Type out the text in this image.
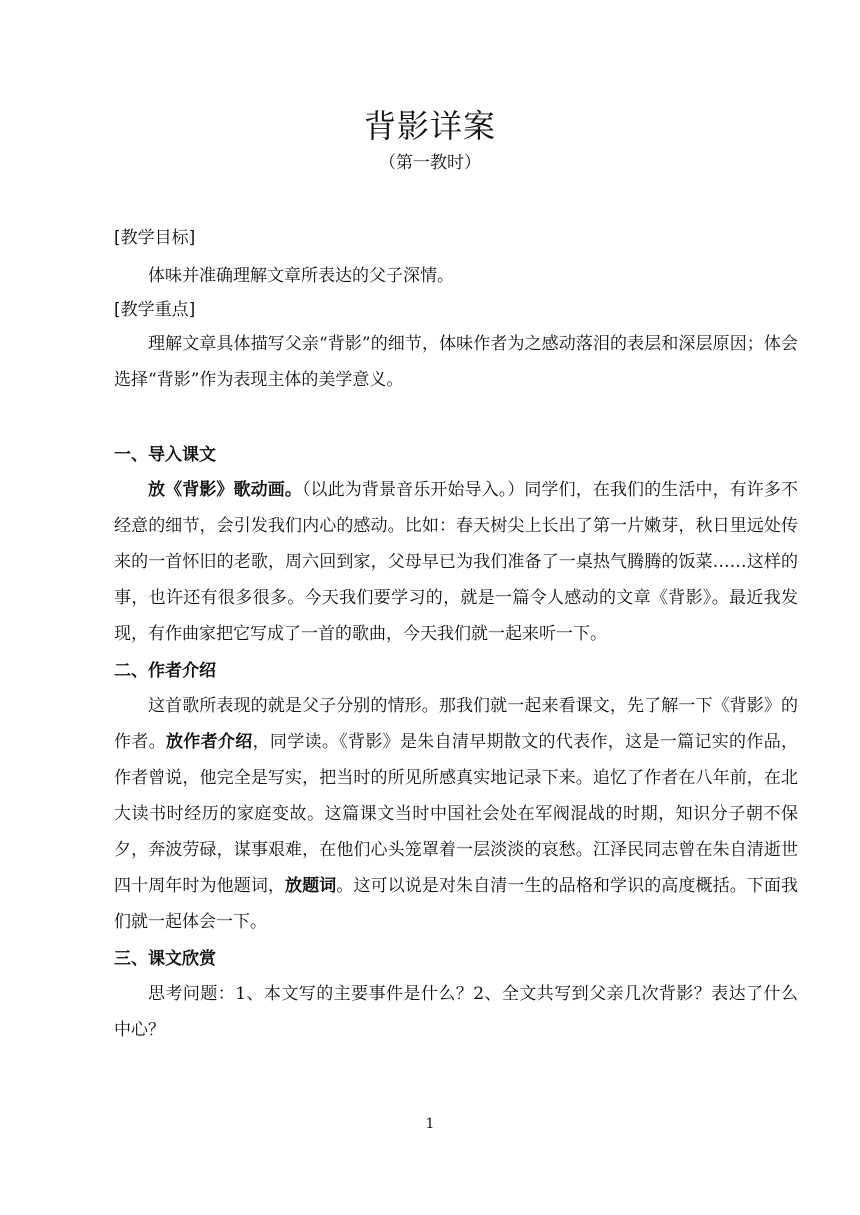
背影详案
（第一教时）

[教学目标]

体味并准确理解文章所表达的父子深情。

[教学重点]

理解文章具体描写父亲“背影”的细节，体味作者为之感动落泪的表层和深层原因；体会选择“背影”作为表现主体的美学意义。

一、导入课文

放《背影》歌动画。（以此为背景音乐开始导入。）同学们，在我们的生活中，有许多不经意的细节，会引发我们内心的感动。比如：春天树尖上长出了第一片嫩芽，秋日里远处传来的一首怀旧的老歌，周六回到家，父母早已为我们准备了一桌热气腾腾的饭菜……这样的事，也许还有很多很多。今天我们要学习的，就是一篇令人感动的文章《背影》。最近我发现，有作曲家把它写成了一首的歌曲，今天我们就一起来听一下。

二、作者介绍

这首歌所表现的就是父子分别的情形。那我们就一起来看课文，先了解一下《背影》的作者。放作者介绍，同学读。《背影》是朱自清早期散文的代表作，这是一篇记实的作品，作者曾说，他完全是写实，把当时的所见所感真实地记录下来。追忆了作者在八年前，在北大读书时经历的家庭变故。这篇课文当时中国社会处在军阀混战的时期，知识分子朝不保夕，奔波劳碌，谋事艰难，在他们心头笼罩着一层淡淡的哀愁。江泽民同志曾在朱自清逝世四十周年时为他题词，放题词。这可以说是对朱自清一生的品格和学识的高度概括。下面我们就一起体会一下。

三、课文欣赏

思考问题：1、本文写的主要事件是什么？2、全文共写到父亲几次背影？表达了什么中心？

1
